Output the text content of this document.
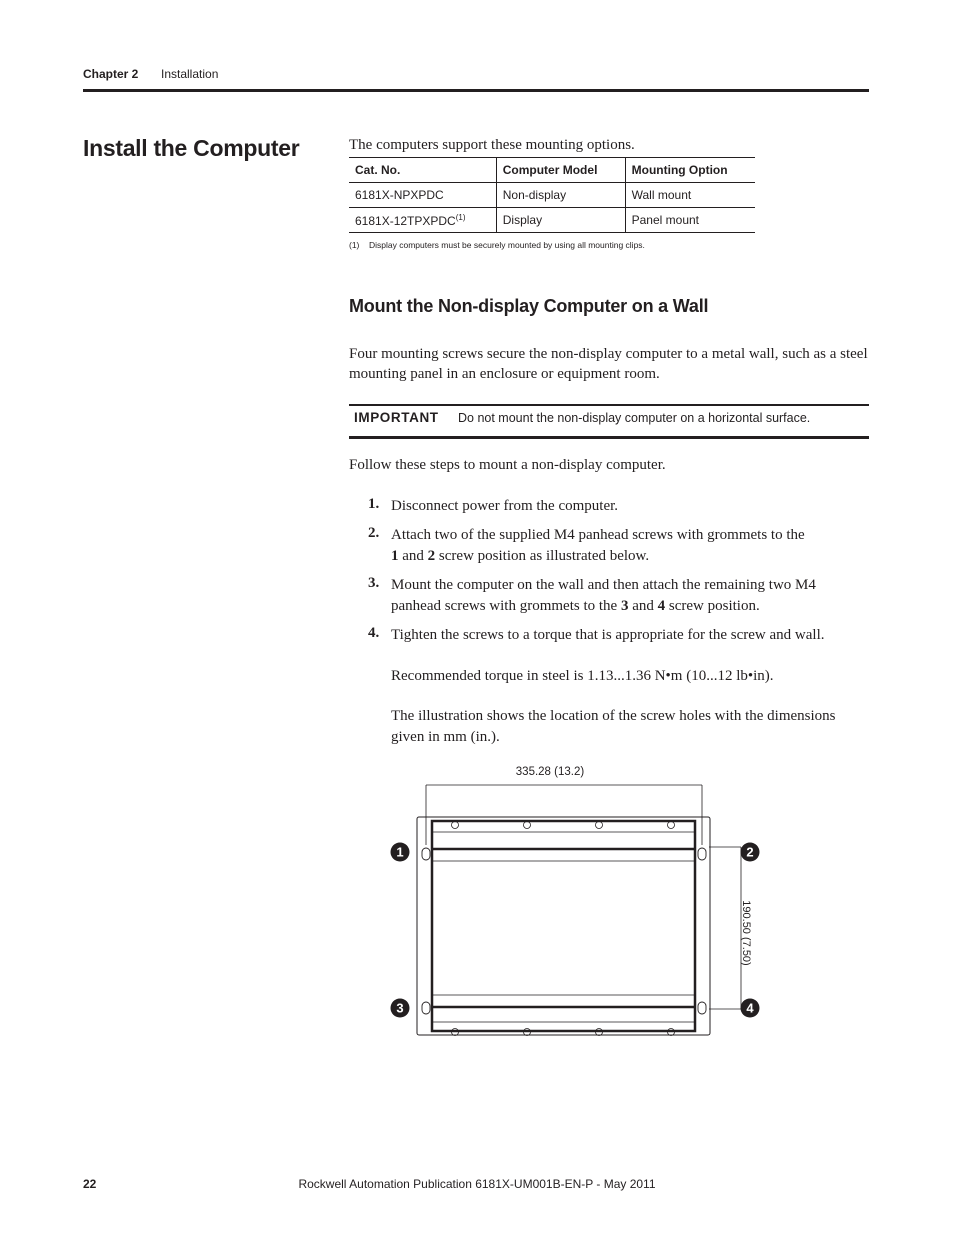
Chapter 2 Installation
Install the Computer	The computers support these mounting options.
Cat. No.	Computer Model	Mounting Option
6181X-NPXPDC	Non-display	Wall mount
6181X-12TPXPDC$^{(1)}$	Display	Panel mount
(1) Display computers must be securely mounted by using all mounting clips.
Mount the Non-display Computer on a Wall
Four mounting screws secure the non-display computer to a metal wall, such as a steel mounting panel in an enclosure or equipment room.
IMPORTANT Do not mount the non-display computer on a horizontal surface.
Follow these steps to mount a non-display computer.
1. Disconnect power from the computer.
2. Attach two of the supplied M4 panhead screws with grommets to the 1 and 2 screw position as illustrated below.
3. Mount the computer on the wall and then attach the remaining two M4 panhead screws with grommets to the 3 and 4 screw position.
4. Tighten the screws to a torque that is appropriate for the screw and wall.
Recommended torque in steel is 1.13...1.36 N•m (10...12 lb•in).
The illustration shows the location of the screw holes with the dimensions given in mm (in.).
335.28 (13.2)
190.50 (7.50)
1	2
3	4
22	Rockwell Automation Publication 6181X-UM001B-EN-P - May 2011
